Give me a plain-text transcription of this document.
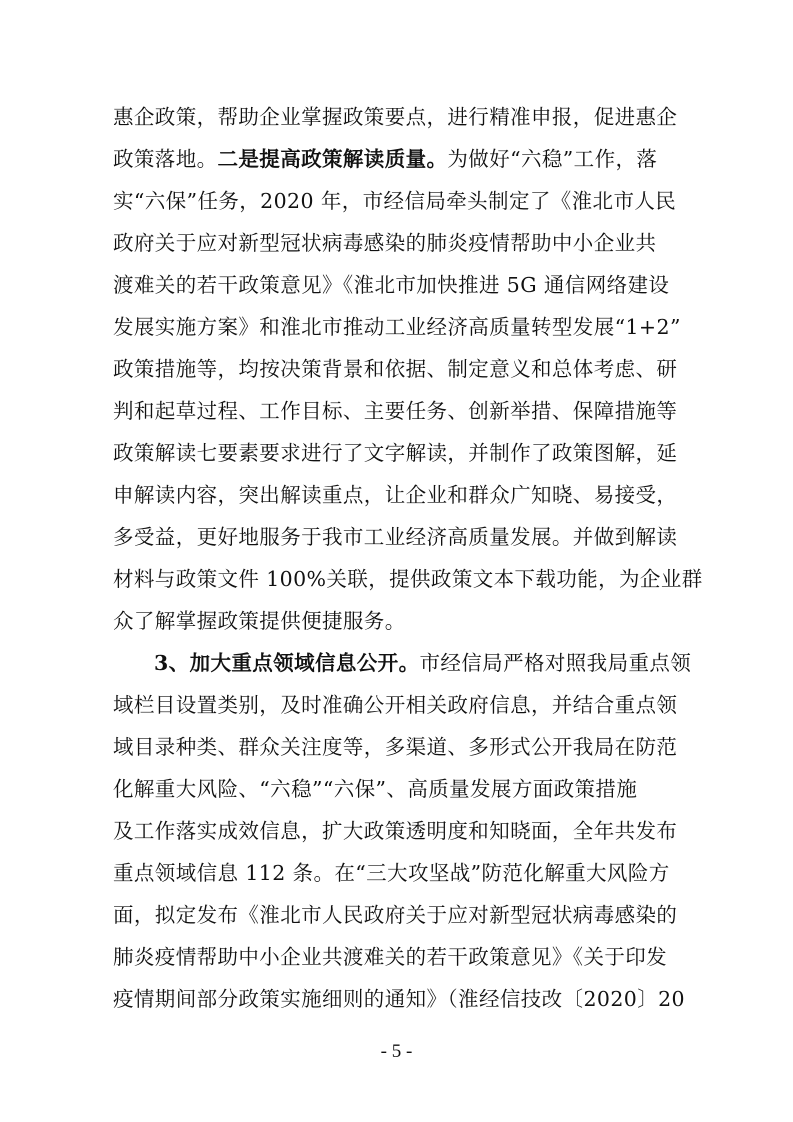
惠企政策，帮助企业掌握政策要点，进行精准申报，促进惠企
政策落地。二是提高政策解读质量。为做好“六稳”工作，落
实“六保”任务，2020 年，市经信局牵头制定了《淮北市人民
政府关于应对新型冠状病毒感染的肺炎疫情帮助中小企业共
渡难关的若干政策意见》《淮北市加快推进 5G 通信网络建设
发展实施方案》和淮北市推动工业经济高质量转型发展“1+2”
政策措施等，均按决策背景和依据、制定意义和总体考虑、研
判和起草过程、工作目标、主要任务、创新举措、保障措施等
政策解读七要素要求进行了文字解读，并制作了政策图解，延
申解读内容，突出解读重点，让企业和群众广知晓、易接受，
多受益，更好地服务于我市工业经济高质量发展。并做到解读
材料与政策文件 100%关联，提供政策文本下载功能，为企业群
众了解掌握政策提供便捷服务。
3、加大重点领域信息公开。市经信局严格对照我局重点领
域栏目设置类别，及时准确公开相关政府信息，并结合重点领
域目录种类、群众关注度等，多渠道、多形式公开我局在防范
化解重大风险、“六稳”“六保”、高质量发展方面政策措施
及工作落实成效信息，扩大政策透明度和知晓面，全年共发布
重点领域信息 112 条。在“三大攻坚战”防范化解重大风险方
面，拟定发布《淮北市人民政府关于应对新型冠状病毒感染的
肺炎疫情帮助中小企业共渡难关的若干政策意见》《关于印发
疫情期间部分政策实施细则的通知》（淮经信技改〔2020〕20
- 5 -
